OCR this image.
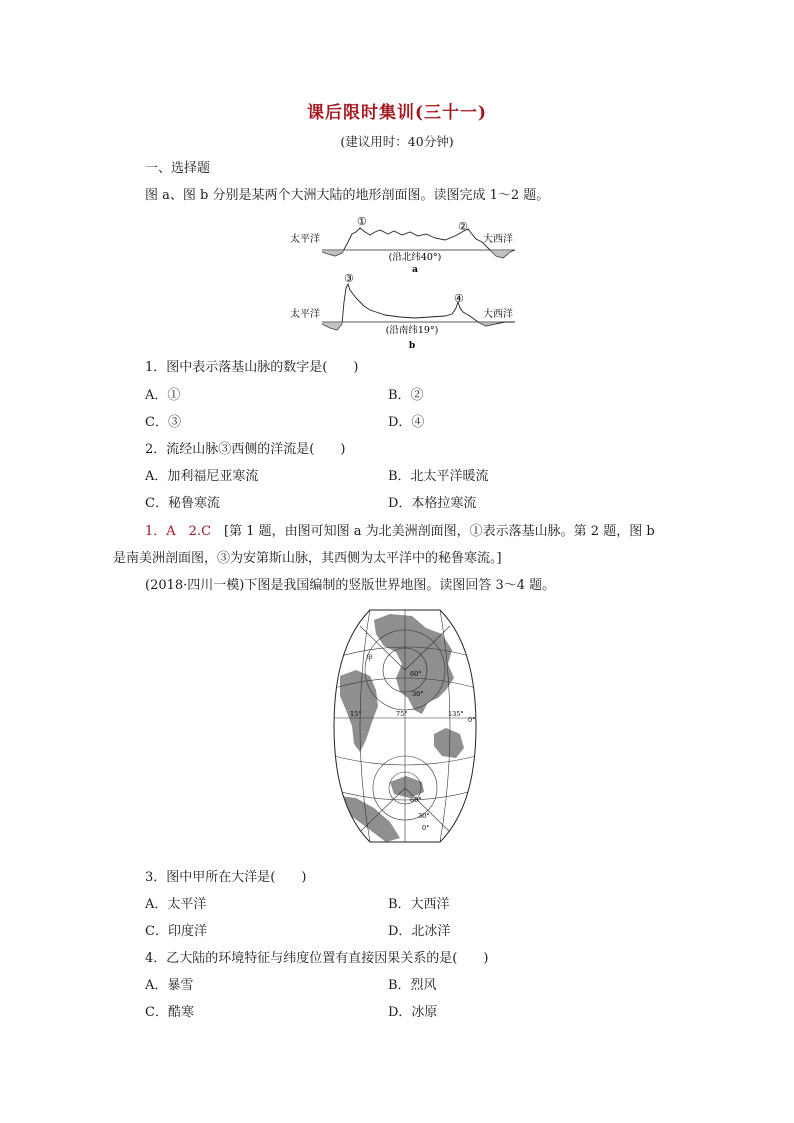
课后限时集训(三十一)
(建议用时：40分钟)
一、选择题
图 a、图 b 分别是某两个大洲大陆的地形剖面图。读图完成 1～2 题。
太平洋	大西洋
①	②
(沿北纬40°)
a
太平洋	大西洋
③
④
(沿南纬19°)
b
1．图中表示落基山脉的数字是(　　)
A．①	B．②
C．③	D．④
2．流经山脉③西侧的洋流是(　　)
A．加利福尼亚寒流	B．北太平洋暖流
C．秘鲁寒流	D．本格拉寒流
1．A　2.C　 [第 1 题，由图可知图 a 为北美洲剖面图，①表示落基山脉。第 2 题，图 b
是南美洲剖面图，③为安第斯山脉，其西侧为太平洋中的秘鲁寒流。]
(2018·四川一模)下图是我国编制的竖版世界地图。读图回答 3～4 题。
甲
60°
30°
15°	75°	135°
0°
60°
30°
0°
3．图中甲所在大洋是(　　)
A．太平洋	B．大西洋
C．印度洋	D．北冰洋
4．乙大陆的环境特征与纬度位置有直接因果关系的是(　　)
A．暴雪	B．烈风
C．酷寒	D．冰原
